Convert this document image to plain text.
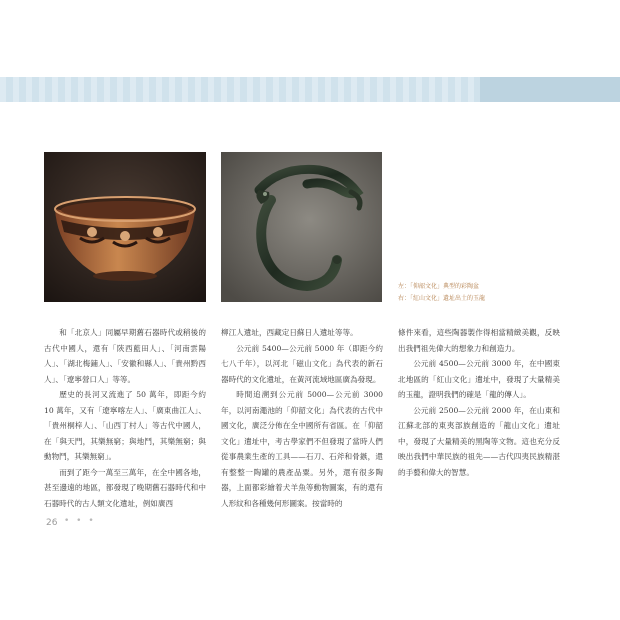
左：「仰韶文化」典型的彩陶盆
右：「紅山文化」遺址出土的玉龍

和「北京人」同屬早期舊石器時代或稍後的古代中國人，還有「陝西藍田人」、「河南雲陽人」、「湖北梅鋪人」、「安徽和縣人」、「貴州黔西人」、「遼寧營口人」等等。

歷史的長河又流進了 50 萬年，即距今約 10 萬年，又有「遼寧喀左人」、「廣東曲江人」、「貴州桐梓人」、「山西丁村人」等古代中國人，在「與天門，其樂無窮；與地鬥，其樂無窮；與動物鬥，其樂無窮」。

而到了距今一萬至三萬年，在全中國各地，甚至邊遠的地區，都發現了晚期舊石器時代和中石器時代的古人類文化遺址，例如廣西

柳江人遺址，西藏定日蘇日人遺址等等。

公元前 5400—公元前 5000 年（即距今約七八千年），以河北「磁山文化」為代表的新石器時代的文化遺址，在黃河流域地區廣為發現。

時間追溯到公元前 5000—公元前 3000 年，以河南澠池的「仰韶文化」為代表的古代中國文化，廣泛分佈在全中國所有省區。在「仰韶文化」遺址中，考古學家們不但發現了當時人們從事農業生產的工具——石刀、石斧和骨鏃，還有整整一陶罐的農產品粟。另外，還有很多陶器，上面都彩繪着犬羊魚等動物圖案，有的還有人形紋和各種幾何形圖案。按當時的

條件來看，這些陶器製作得相當精緻美觀，反映出我們祖先偉大的想象力和創造力。

公元前 4500—公元前 3000 年，在中國東北地區的「紅山文化」遺址中，發現了大量精美的玉龍，證明我們的確是「龍的傳人」。

公元前 2500—公元前 2000 年，在山東和江蘇北部的東夷部族創造的「龍山文化」遺址中，發現了大量精美的黑陶等文物。這也充分反映出我們中華民族的祖先——古代四夷民族精湛的手藝和偉大的智慧。

26 • • •
